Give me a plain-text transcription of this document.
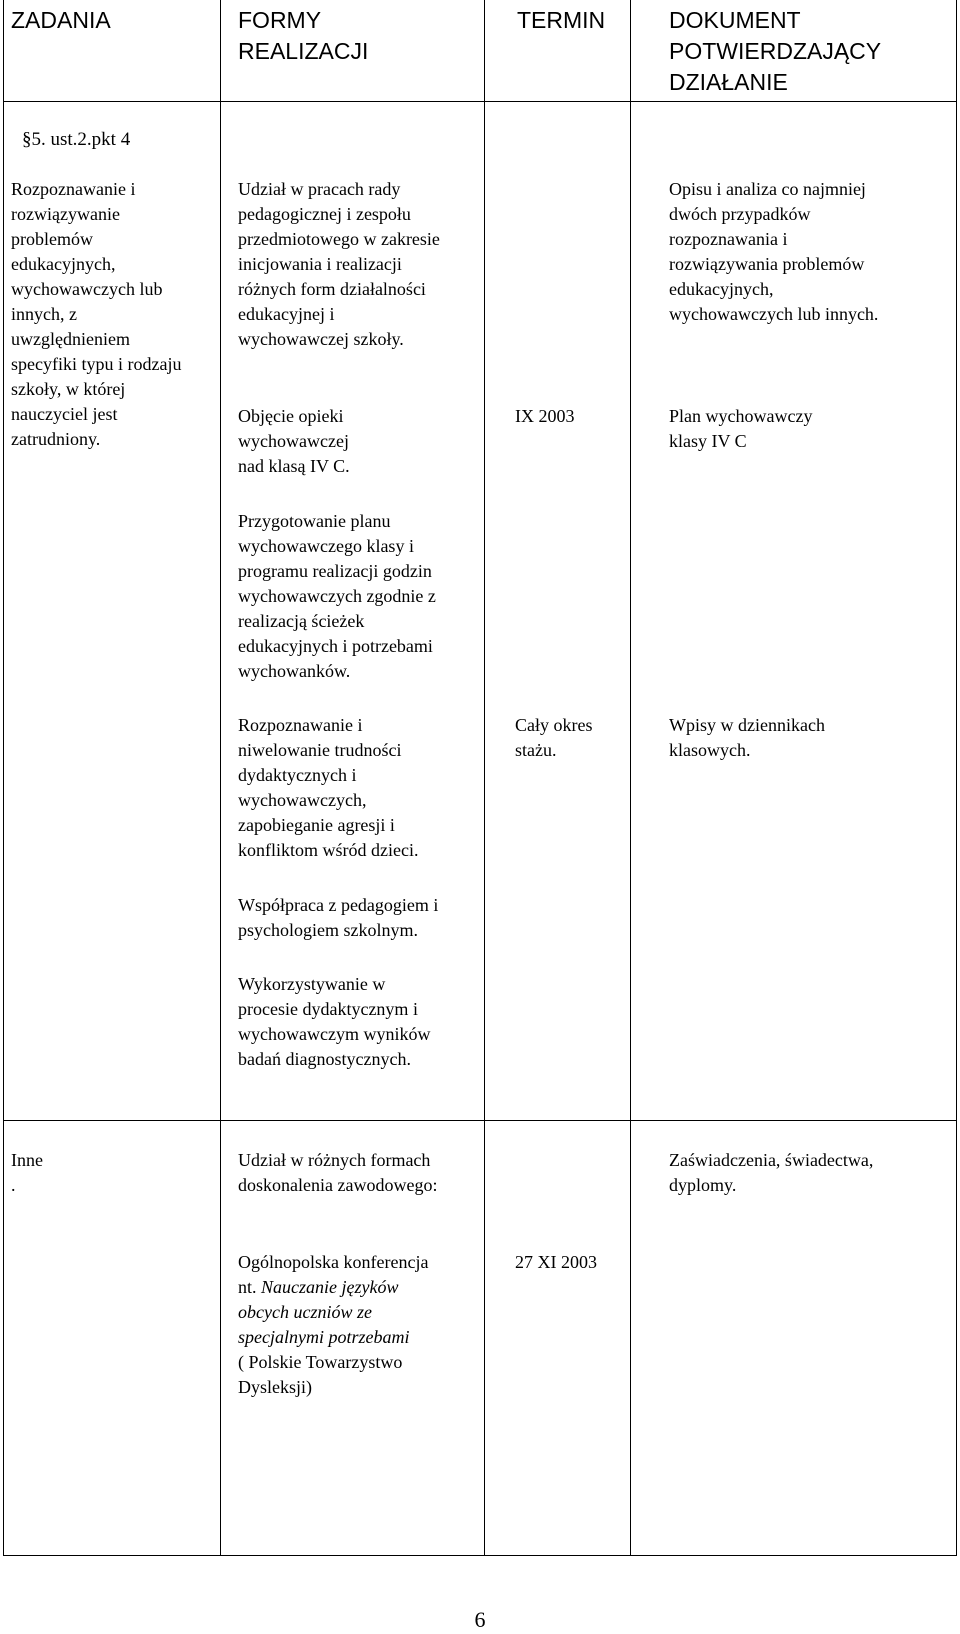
ZADANIA	FORMY
REALIZACJI
TERMIN	DOKUMENT
POTWIERDZAJĄCY
DZIAŁANIE
§5. ust.2.pkt 4
Rozpoznawanie i
rozwiązywanie
problemów
edukacyjnych,
wychowawczych lub
innych, z
uwzględnieniem
specyfiki typu i rodzaju
szkoły, w której
nauczyciel jest
zatrudniony.
Udział w pracach rady
pedagogicznej i zespołu
przedmiotowego w zakresie
inicjowania i realizacji
różnych form działalności
edukacyjnej i
wychowawczej szkoły.
Objęcie opieki
wychowawczej
nad klasą IV C.
Przygotowanie planu
wychowawczego klasy i
programu realizacji godzin
wychowawczych zgodnie z
realizacją ścieżek
edukacyjnych i potrzebami
wychowanków.
Rozpoznawanie i
niwelowanie trudności
dydaktycznych i
wychowawczych,
zapobieganie agresji i
konfliktom wśród dzieci.
Współpraca z pedagogiem i
psychologiem szkolnym.
Wykorzystywanie w
procesie dydaktycznym i
wychowawczym wyników
badań diagnostycznych.
IX 2003
Cały okres
stażu.
Opisu i analiza co najmniej
dwóch przypadków
rozpoznawania i
rozwiązywania problemów
edukacyjnych,
wychowawczych lub innych.
Plan wychowawczy
klasy IV C
Wpisy w dziennikach
klasowych.
Inne
.
Udział w różnych formach
doskonalenia zawodowego:
Ogólnopolska konferencja
nt. Nauczanie języków
obcych uczniów ze
specjalnymi potrzebami
( Polskie Towarzystwo
Dysleksji)
27 XI 2003
Zaświadczenia, świadectwa,
dyplomy.
6
